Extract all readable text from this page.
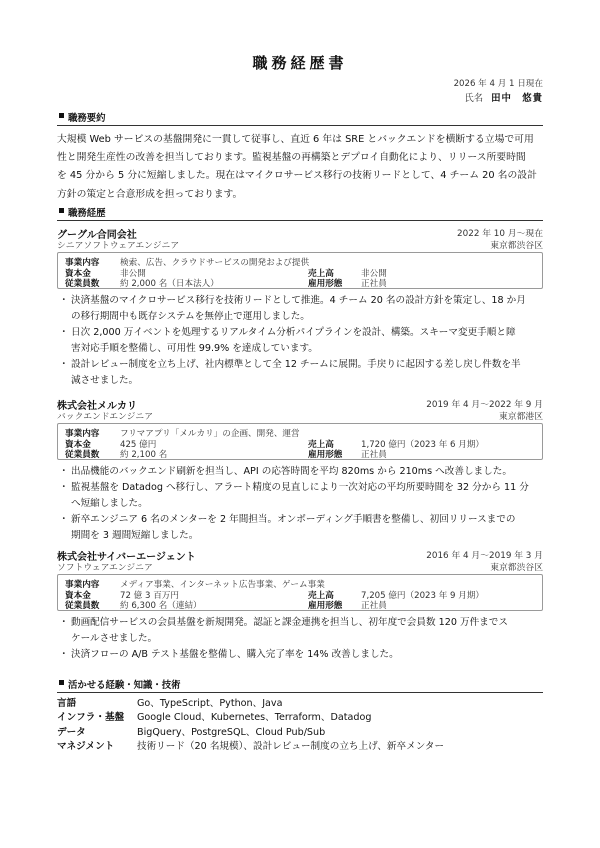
職務経歴書
2026 年 4 月 1 日現在
氏名 田中　悠貴
職務要約
大規模 Web サービスの基盤開発に一貫して従事し、直近 6 年は SRE とバックエンドを横断する立場で可用
性と開発生産性の改善を担当しております。監視基盤の再構築とデプロイ自動化により、リリース所要時間
を 45 分から 5 分に短縮しました。現在はマイクロサービス移行の技術リードとして、4 チーム 20 名の設計
方針の策定と合意形成を担っております。
職務経歴
グーグル合同会社	2022 年 10 月～現在
シニアソフトウェアエンジニア	東京都渋谷区
事業内容 検索、広告、クラウドサービスの開発および提供
資本金	非公開	売上高	非公開
従業員数 約 2,000 名（日本法人）	雇用形態 正社員
・ 決済基盤のマイクロサービス移行を技術リードとして推進。4 チーム 20 名の設計方針を策定し、18 か月
の移行期間中も既存システムを無停止で運用しました。
・ 日次 2,000 万イベントを処理するリアルタイム分析パイプラインを設計、構築。スキーマ変更手順と障
害対応手順を整備し、可用性 99.9% を達成しています。
・ 設計レビュー制度を立ち上げ、社内標準として全 12 チームに展開。手戻りに起因する差し戻し件数を半
減させました。
株式会社メルカリ	2019 年 4 月～2022 年 9 月
バックエンドエンジニア	東京都港区
事業内容 フリマアプリ「メルカリ」の企画、開発、運営
資本金	425 億円	売上高	1,720 億円（2023 年 6 月期）
従業員数 約 2,100 名	雇用形態 正社員
・ 出品機能のバックエンド刷新を担当し、API の応答時間を平均 820ms から 210ms へ改善しました。
・ 監視基盤を Datadog へ移行し、アラート精度の見直しにより一次対応の平均所要時間を 32 分から 11 分
へ短縮しました。
・ 新卒エンジニア 6 名のメンターを 2 年間担当。オンボーディング手順書を整備し、初回リリースまでの
期間を 3 週間短縮しました。
株式会社サイバーエージェント	2016 年 4 月～2019 年 3 月
ソフトウェアエンジニア	東京都渋谷区
事業内容 メディア事業、インターネット広告事業、ゲーム事業
資本金	72 億 3 百万円	売上高	7,205 億円（2023 年 9 月期）
従業員数 約 6,300 名（連結）	雇用形態 正社員
・ 動画配信サービスの会員基盤を新規開発。認証と課金連携を担当し、初年度で会員数 120 万件までス
ケールさせました。
・ 決済フローの A/B テスト基盤を整備し、購入完了率を 14% 改善しました。
活かせる経験・知識・技術
言語	Go、TypeScript、Python、Java
インフラ・基盤 Google Cloud、Kubernetes、Terraform、Datadog
データ	BigQuery、PostgreSQL、Cloud Pub/Sub
マネジメント 技術リード（20 名規模）、設計レビュー制度の立ち上げ、新卒メンター
